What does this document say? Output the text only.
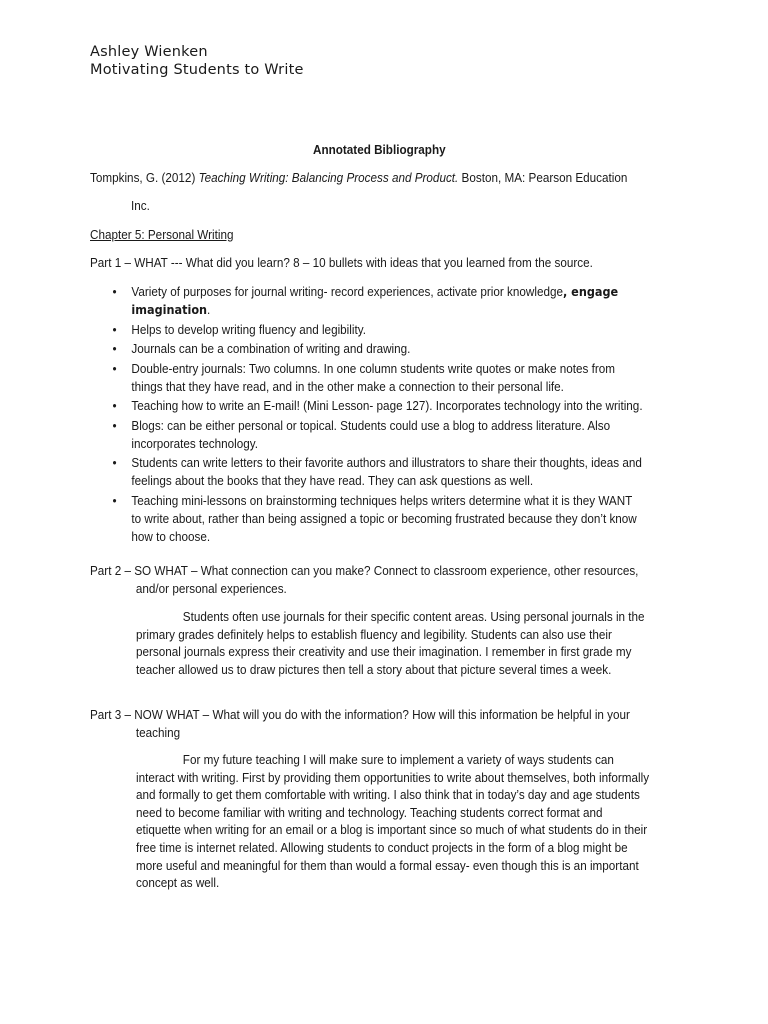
Ashley Wienken
Motivating Students to Write
Annotated Bibliography
Tompkins, G. (2012) Teaching Writing: Balancing Process and Product. Boston, MA: Pearson Education
Inc.
Chapter 5: Personal Writing
Part 1 – WHAT --- What did you learn? 8 – 10 bullets with ideas that you learned from the source.
• Variety of purposes for journal writing- record experiences, activate prior knowledge, engage
imagination.
• Helps to develop writing fluency and legibility.
• Journals can be a combination of writing and drawing.
• Double-entry journals: Two columns. In one column students write quotes or make notes from
things that they have read, and in the other make a connection to their personal life.
• Teaching how to write an E-mail! (Mini Lesson- page 127). Incorporates technology into the writing.
• Blogs: can be either personal or topical. Students could use a blog to address literature. Also
incorporates technology.
• Students can write letters to their favorite authors and illustrators to share their thoughts, ideas and
feelings about the books that they have read. They can ask questions as well.
• Teaching mini-lessons on brainstorming techniques helps writers determine what it is they WANT
to write about, rather than being assigned a topic or becoming frustrated because they don’t know
how to choose.
Part 2 – SO WHAT – What connection can you make? Connect to classroom experience, other resources,
and/or personal experiences.
Students often use journals for their specific content areas. Using personal journals in the
primary grades definitely helps to establish fluency and legibility. Students can also use their
personal journals express their creativity and use their imagination. I remember in first grade my
teacher allowed us to draw pictures then tell a story about that picture several times a week.
Part 3 – NOW WHAT – What will you do with the information? How will this information be helpful in your
teaching
For my future teaching I will make sure to implement a variety of ways students can
interact with writing. First by providing them opportunities to write about themselves, both informally
and formally to get them comfortable with writing. I also think that in today’s day and age students
need to become familiar with writing and technology. Teaching students correct format and
etiquette when writing for an email or a blog is important since so much of what students do in their
free time is internet related. Allowing students to conduct projects in the form of a blog might be
more useful and meaningful for them than would a formal essay- even though this is an important
concept as well.
